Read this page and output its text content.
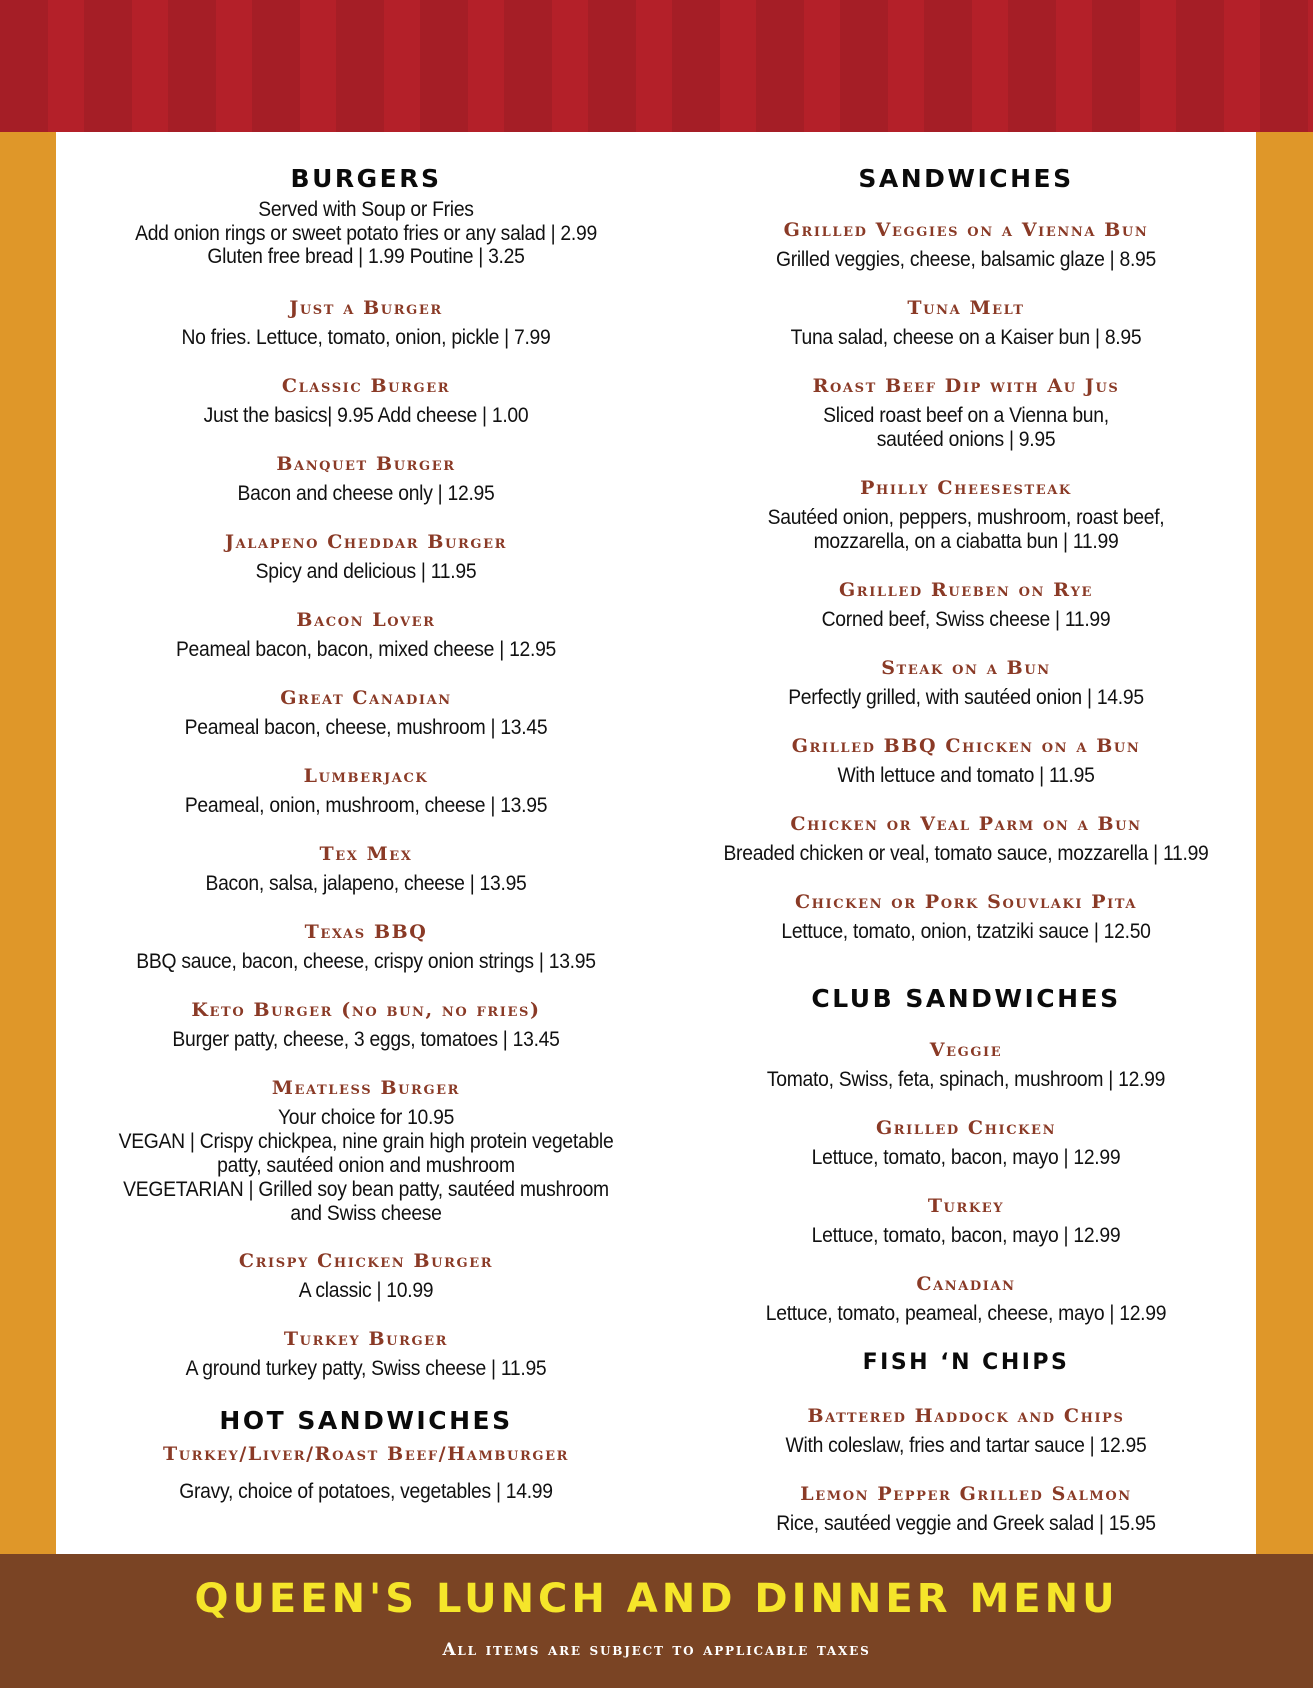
BURGERS

Served with Soup or Fries

Add onion rings or sweet potato fries or any salad | 2.99

Gluten free bread | 1.99 Poutine | 3.25

Just a Burger

No fries. Lettuce, tomato, onion, pickle | 7.99

Classic Burger

Just the basics| 9.95 Add cheese | 1.00

Banquet Burger

Bacon and cheese only | 12.95

Jalapeno Cheddar Burger

Spicy and delicious | 11.95

Bacon Lover

Peameal bacon, bacon, mixed cheese | 12.95

Great Canadian

Peameal bacon, cheese, mushroom | 13.45

Lumberjack

Peameal, onion, mushroom, cheese | 13.95

Tex Mex

Bacon, salsa, jalapeno, cheese | 13.95

Texas BBQ

BBQ sauce, bacon, cheese, crispy onion strings | 13.95

Keto Burger (no bun, no fries)

Burger patty, cheese, 3 eggs, tomatoes | 13.45

Meatless Burger

Your choice for 10.95

VEGAN | Crispy chickpea, nine grain high protein vegetable

patty, sautéed onion and mushroom

VEGETARIAN | Grilled soy bean patty, sautéed mushroom

and Swiss cheese

Crispy Chicken Burger

A classic | 10.99

Turkey Burger

A ground turkey patty, Swiss cheese | 11.95

HOT SANDWICHES

Turkey/Liver/Roast Beef/Hamburger

Gravy, choice of potatoes, vegetables | 14.99

SANDWICHES

Grilled Veggies on a Vienna Bun

Grilled veggies, cheese, balsamic glaze | 8.95

Tuna Melt

Tuna salad, cheese on a Kaiser bun | 8.95

Roast Beef Dip with Au Jus

Sliced roast beef on a Vienna bun,

sautéed onions | 9.95

Philly Cheesesteak

Sautéed onion, peppers, mushroom, roast beef,

mozzarella, on a ciabatta bun | 11.99

Grilled Rueben on Rye

Corned beef, Swiss cheese | 11.99

Steak on a Bun

Perfectly grilled, with sautéed onion | 14.95

Grilled BBQ Chicken on a Bun

With lettuce and tomato | 11.95

Chicken or Veal Parm on a Bun

Breaded chicken or veal, tomato sauce, mozzarella | 11.99

Chicken or Pork Souvlaki Pita

Lettuce, tomato, onion, tzatziki sauce | 12.50

CLUB SANDWICHES

Veggie

Tomato, Swiss, feta, spinach, mushroom | 12.99

Grilled Chicken

Lettuce, tomato, bacon, mayo | 12.99

Turkey

Lettuce, tomato, bacon, mayo | 12.99

Canadian

Lettuce, tomato, peameal, cheese, mayo | 12.99

FISH ‘N CHIPS

Battered Haddock and Chips

With coleslaw, fries and tartar sauce | 12.95

Lemon Pepper Grilled Salmon

Rice, sautéed veggie and Greek salad | 15.95

QUEEN'S LUNCH AND DINNER MENU

All items are subject to applicable taxes
